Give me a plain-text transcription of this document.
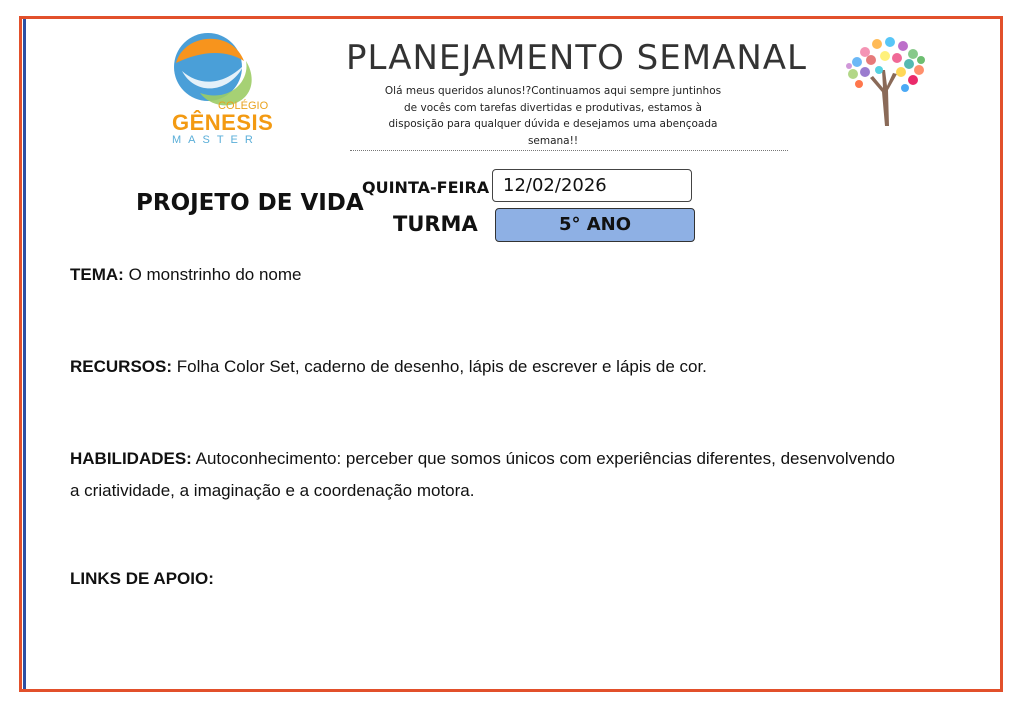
COLÉGIO
GÊNESIS
MASTER
PLANEJAMENTO SEMANAL
Olá meus queridos alunos!?Continuamos aqui sempre juntinhos de vocês com tarefas divertidas e produtivas, estamos à disposição para qualquer dúvida e desejamos uma abençoada semana!!
PROJETO DE VIDA
QUINTA-FEIRA 12/02/2026
TURMA	5° ANO
TEMA: O monstrinho do nome
RECURSOS: Folha Color Set, caderno de desenho, lápis de escrever e lápis de cor.
HABILIDADES: Autoconhecimento: perceber que somos únicos com experiências diferentes, desenvolvendo a criatividade, a imaginação e a coordenação motora.
LINKS DE APOIO:
